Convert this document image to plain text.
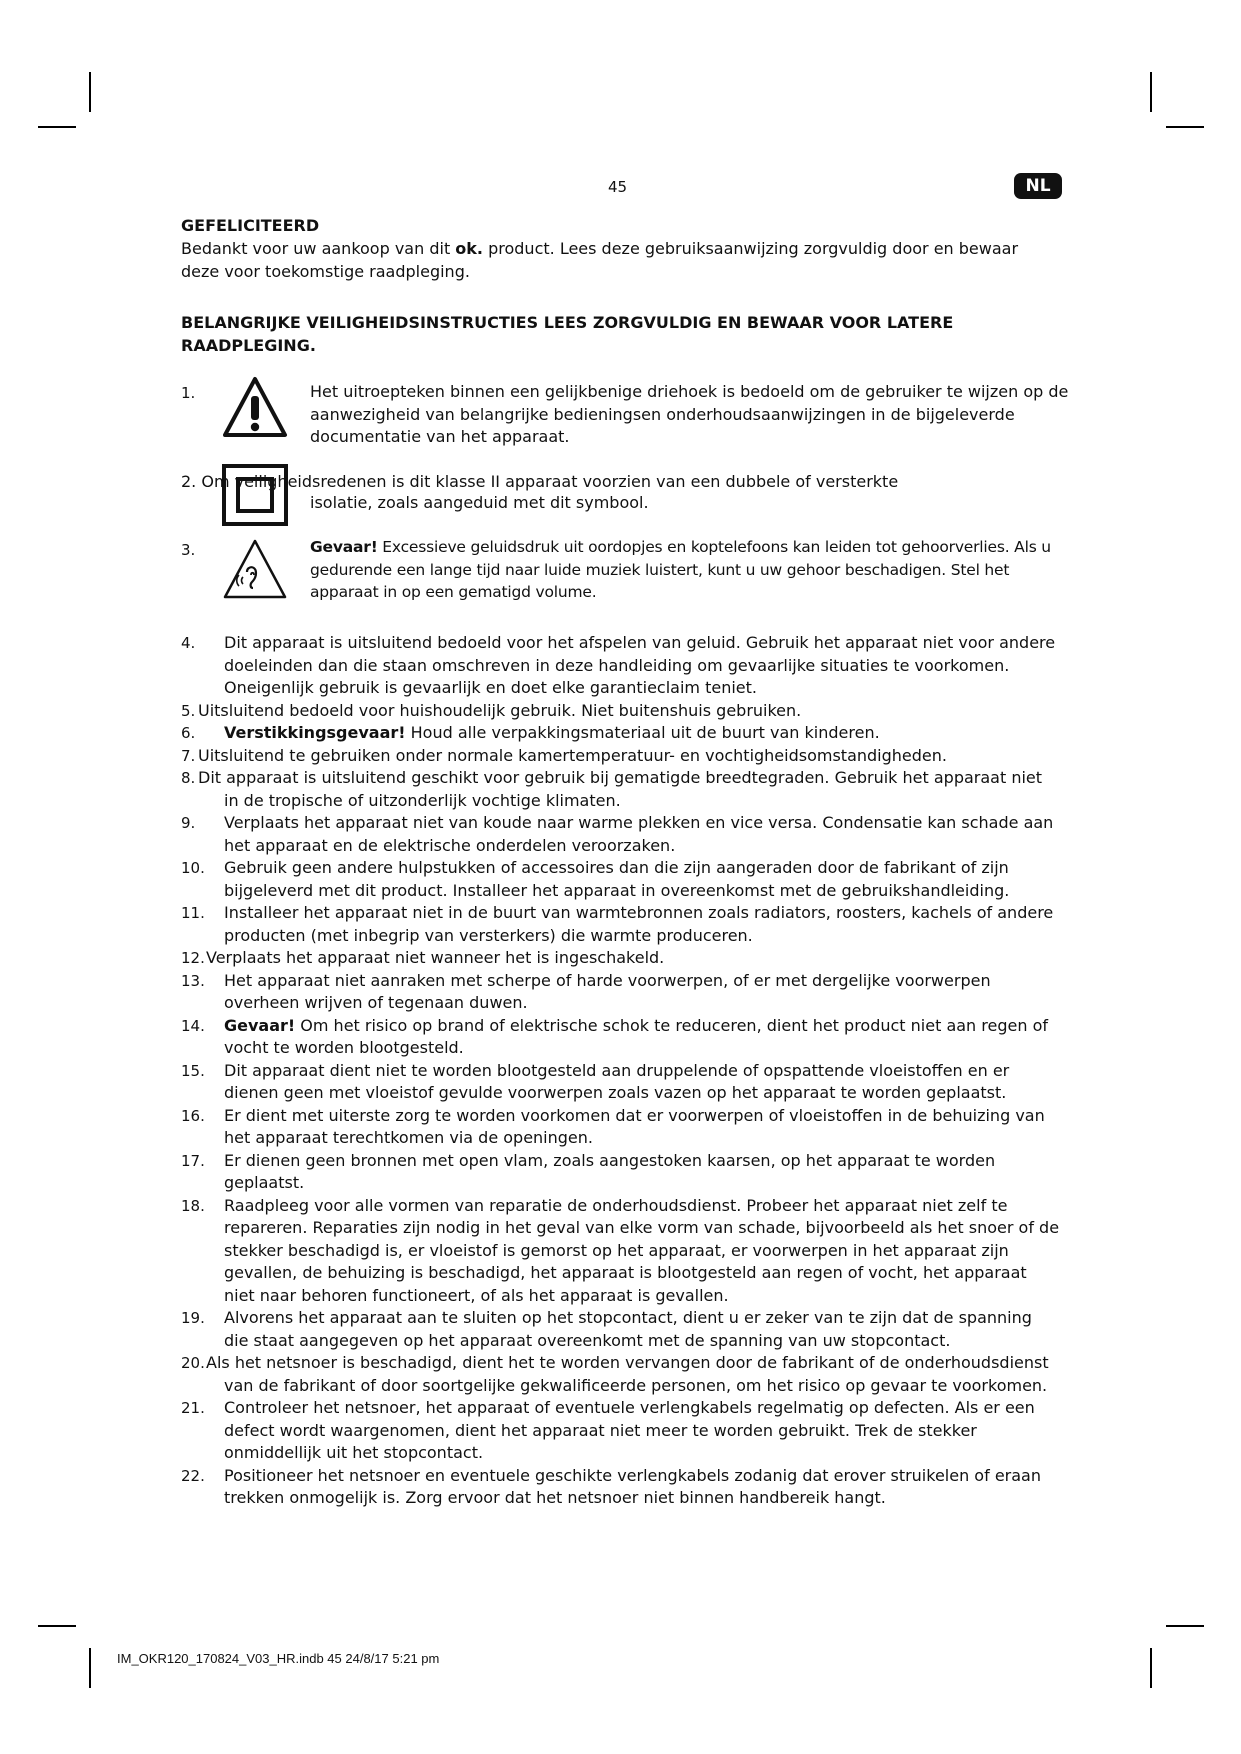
45	NL
GEFELICITEERD
Bedankt voor uw aankoop van dit ok. product. Lees deze gebruiksaanwijzing zorgvuldig door en bewaar deze voor toekomstige raadpleging.
BELANGRIJKE VEILIGHEIDSINSTRUCTIES LEES ZORGVULDIG EN BEWAAR VOOR LATERE RAADPLEGING.
1.	Het uitroepteken binnen een gelijkbenige driehoek is bedoeld om de gebruiker te wijzen op de aanwezigheid van belangrijke bedieningsen onderhoudsaanwijzingen in de bijgeleverde documentatie van het apparaat.
2. Om veiligheidsredenen is dit klasse II apparaat voorzien van een dubbele of versterkte
isolatie, zoals aangeduid met dit symbool.
3.	Gevaar! Excessieve geluidsdruk uit oordopjes en koptelefoons kan leiden tot gehoorverlies. Als u gedurende een lange tijd naar luide muziek luistert, kunt u uw gehoor beschadigen. Stel het apparaat in op een gematigd volume.
4.	Dit apparaat is uitsluitend bedoeld voor het afspelen van geluid. Gebruik het apparaat niet voor andere doeleinden dan die staan omschreven in deze handleiding om gevaarlijke situaties te voorkomen. Oneigenlijk gebruik is gevaarlijk en doet elke garantieclaim teniet.
5. Uitsluitend bedoeld voor huishoudelijk gebruik. Niet buitenshuis gebruiken.
6.	Verstikkingsgevaar! Houd alle verpakkingsmateriaal uit de buurt van kinderen.
7. Uitsluitend te gebruiken onder normale kamertemperatuur- en vochtigheidsomstandigheden.
8. Dit apparaat is uitsluitend geschikt voor gebruik bij gematigde breedtegraden. Gebruik het apparaat niet in de tropische of uitzonderlijk vochtige klimaten.
9.	Verplaats het apparaat niet van koude naar warme plekken en vice versa. Condensatie kan schade aan het apparaat en de elektrische onderdelen veroorzaken.
10.	Gebruik geen andere hulpstukken of accessoires dan die zijn aangeraden door de fabrikant of zijn bijgeleverd met dit product. Installeer het apparaat in overeenkomst met de gebruikshandleiding.
11.	Installeer het apparaat niet in de buurt van warmtebronnen zoals radiators, roosters, kachels of andere producten (met inbegrip van versterkers) die warmte produceren.
12. Verplaats het apparaat niet wanneer het is ingeschakeld.
13.	Het apparaat niet aanraken met scherpe of harde voorwerpen, of er met dergelijke voorwerpen overheen wrijven of tegenaan duwen.
14.	Gevaar! Om het risico op brand of elektrische schok te reduceren, dient het product niet aan regen of vocht te worden blootgesteld.
15.	Dit apparaat dient niet te worden blootgesteld aan druppelende of opspattende vloeistoffen en er dienen geen met vloeistof gevulde voorwerpen zoals vazen op het apparaat te worden geplaatst.
16.	Er dient met uiterste zorg te worden voorkomen dat er voorwerpen of vloeistoffen in de behuizing van het apparaat terechtkomen via de openingen.
17.	Er dienen geen bronnen met open vlam, zoals aangestoken kaarsen, op het apparaat te worden geplaatst.
18.	Raadpleeg voor alle vormen van reparatie de onderhoudsdienst. Probeer het apparaat niet zelf te repareren. Reparaties zijn nodig in het geval van elke vorm van schade, bijvoorbeeld als het snoer of de stekker beschadigd is, er vloeistof is gemorst op het apparaat, er voorwerpen in het apparaat zijn gevallen, de behuizing is beschadigd, het apparaat is blootgesteld aan regen of vocht, het apparaat niet naar behoren functioneert, of als het apparaat is gevallen.
19.	Alvorens het apparaat aan te sluiten op het stopcontact, dient u er zeker van te zijn dat de spanning die staat aangegeven op het apparaat overeenkomt met de spanning van uw stopcontact.
20. Als het netsnoer is beschadigd, dient het te worden vervangen door de fabrikant of de onderhoudsdienst van de fabrikant of door soortgelijke gekwalificeerde personen, om het risico op gevaar te voorkomen.
21.	Controleer het netsnoer, het apparaat of eventuele verlengkabels regelmatig op defecten. Als er een defect wordt waargenomen, dient het apparaat niet meer te worden gebruikt. Trek de stekker onmiddellijk uit het stopcontact.
22.	Positioneer het netsnoer en eventuele geschikte verlengkabels zodanig dat erover struikelen of eraan trekken onmogelijk is. Zorg ervoor dat het netsnoer niet binnen handbereik hangt.
IM_OKR120_170824_V03_HR.indb 45 24/8/17 5:21 pm
